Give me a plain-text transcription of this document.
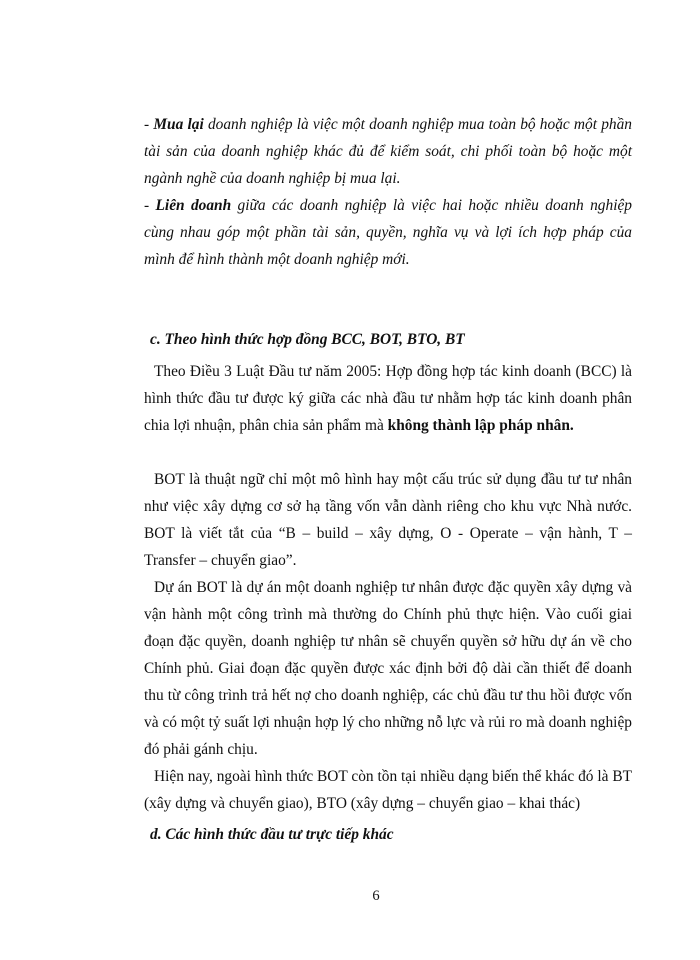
- Mua lại doanh nghiệp là việc một doanh nghiệp mua toàn bộ hoặc một phần tài sản của doanh nghiệp khác đủ để kiểm soát, chi phối toàn bộ hoặc một ngành nghề của doanh nghiệp bị mua lại.

- Liên doanh giữa các doanh nghiệp là việc hai hoặc nhiều doanh nghiệp cùng nhau góp một phần tài sản, quyền, nghĩa vụ và lợi ích hợp pháp của mình để hình thành một doanh nghiệp mới.

c. Theo hình thức hợp đồng BCC, BOT, BTO, BT

Theo Điều 3 Luật Đầu tư năm 2005: Hợp đồng hợp tác kinh doanh (BCC) là hình thức đầu tư được ký giữa các nhà đầu tư nhằm hợp tác kinh doanh phân chia lợi nhuận, phân chia sản phẩm mà không thành lập pháp nhân.

BOT là thuật ngữ chỉ một mô hình hay một cấu trúc sử dụng đầu tư tư nhân như việc xây dựng cơ sở hạ tầng vốn vẫn dành riêng cho khu vực Nhà nước. BOT là viết tắt của “B – build – xây dựng, O - Operate – vận hành, T – Transfer – chuyển giao”.

Dự án BOT là dự án một doanh nghiệp tư nhân được đặc quyền xây dựng và vận hành một công trình mà thường do Chính phủ thực hiện. Vào cuối giai đoạn đặc quyền, doanh nghiệp tư nhân sẽ chuyển quyền sở hữu dự án về cho Chính phủ. Giai đoạn đặc quyền được xác định bởi độ dài cần thiết để doanh thu từ công trình trả hết nợ cho doanh nghiệp, các chủ đầu tư thu hồi được vốn và có một tỷ suất lợi nhuận hợp lý cho những nỗ lực và rủi ro mà doanh nghiệp đó phải gánh chịu.

Hiện nay, ngoài hình thức BOT còn tồn tại nhiều dạng biến thể khác đó là BT (xây dựng và chuyển giao), BTO (xây dựng – chuyển giao – khai thác)

d. Các hình thức đầu tư trực tiếp khác

6
